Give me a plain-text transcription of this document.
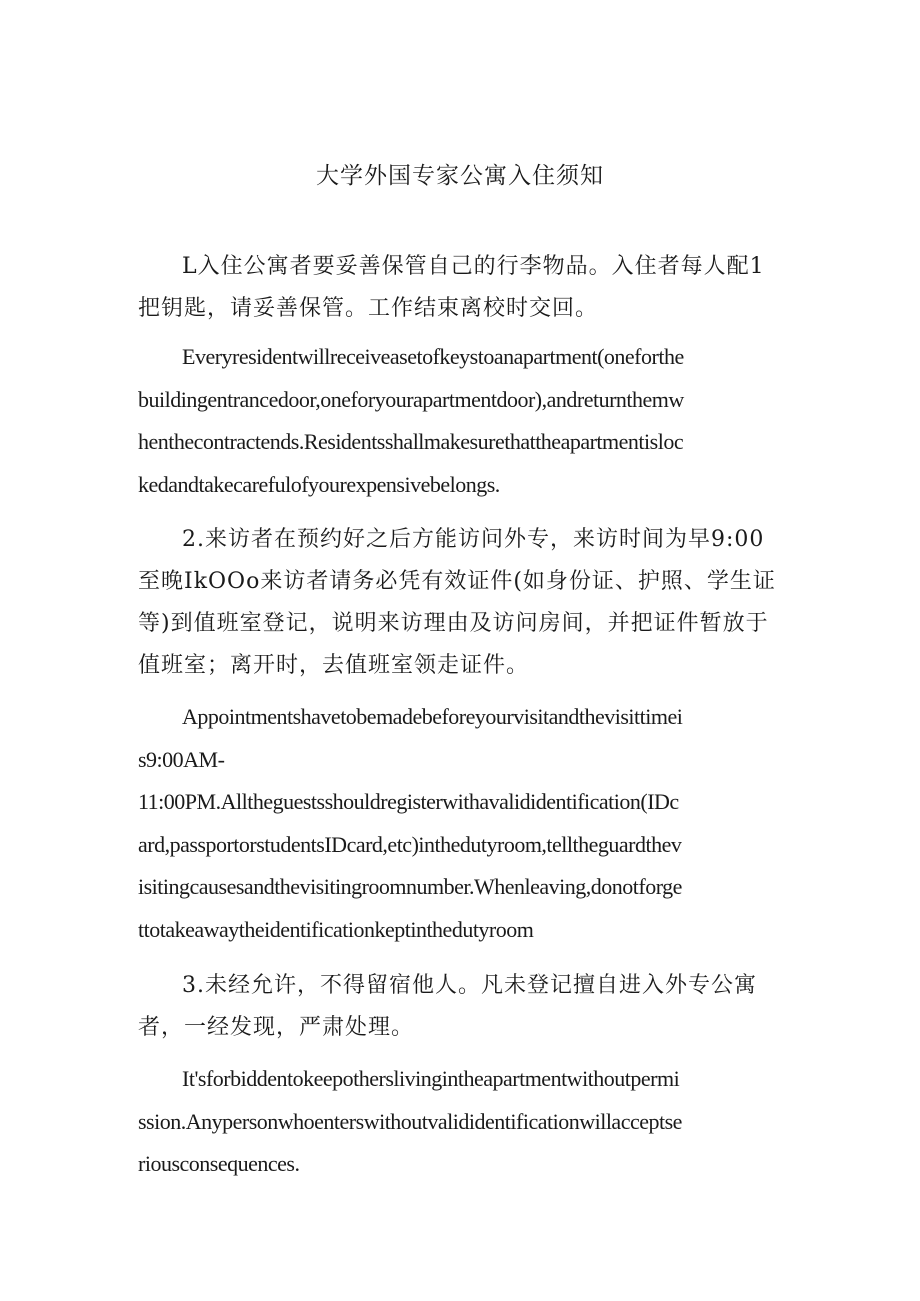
大学外国专家公寓入住须知
L入住公寓者要妥善保管自己的行李物品。入住者每人配1
把钥匙，请妥善保管。工作结束离校时交回。
Everyresidentwillreceiveasetofkeystoanapartment(oneforthe
buildingentrancedoor,oneforyourapartmentdoor),andreturnthemw
henthecontractends.Residentsshallmakesurethattheapartmentisloc
kedandtakecarefulofyourexpensivebelongs.
2.来访者在预约好之后方能访问外专，来访时间为早9:00
至晚IkOOo来访者请务必凭有效证件(如身份证、护照、学生证
等)到值班室登记，说明来访理由及访问房间，并把证件暂放于
值班室；离开时，去值班室领走证件。
Appointmentshavetobemadebeforeyourvisitandthevisittimei
s9:00AM-
11:00PM.Alltheguestsshouldregisterwithavalididentification(IDc
ard,passportorstudentsIDcard,etc)inthedutyroom,telltheguardthev
isitingcausesandthevisitingroomnumber.Whenleaving,donotforge
ttotakeawaytheidentificationkeptinthedutyroom
3.未经允许，不得留宿他人。凡未登记擅自进入外专公寓
者，一经发现，严肃处理。
It'sforbiddentokeepotherslivingintheapartmentwithoutpermi
ssion.Anypersonwhoenterswithoutvalididentificationwillacceptse
riousconsequences.
